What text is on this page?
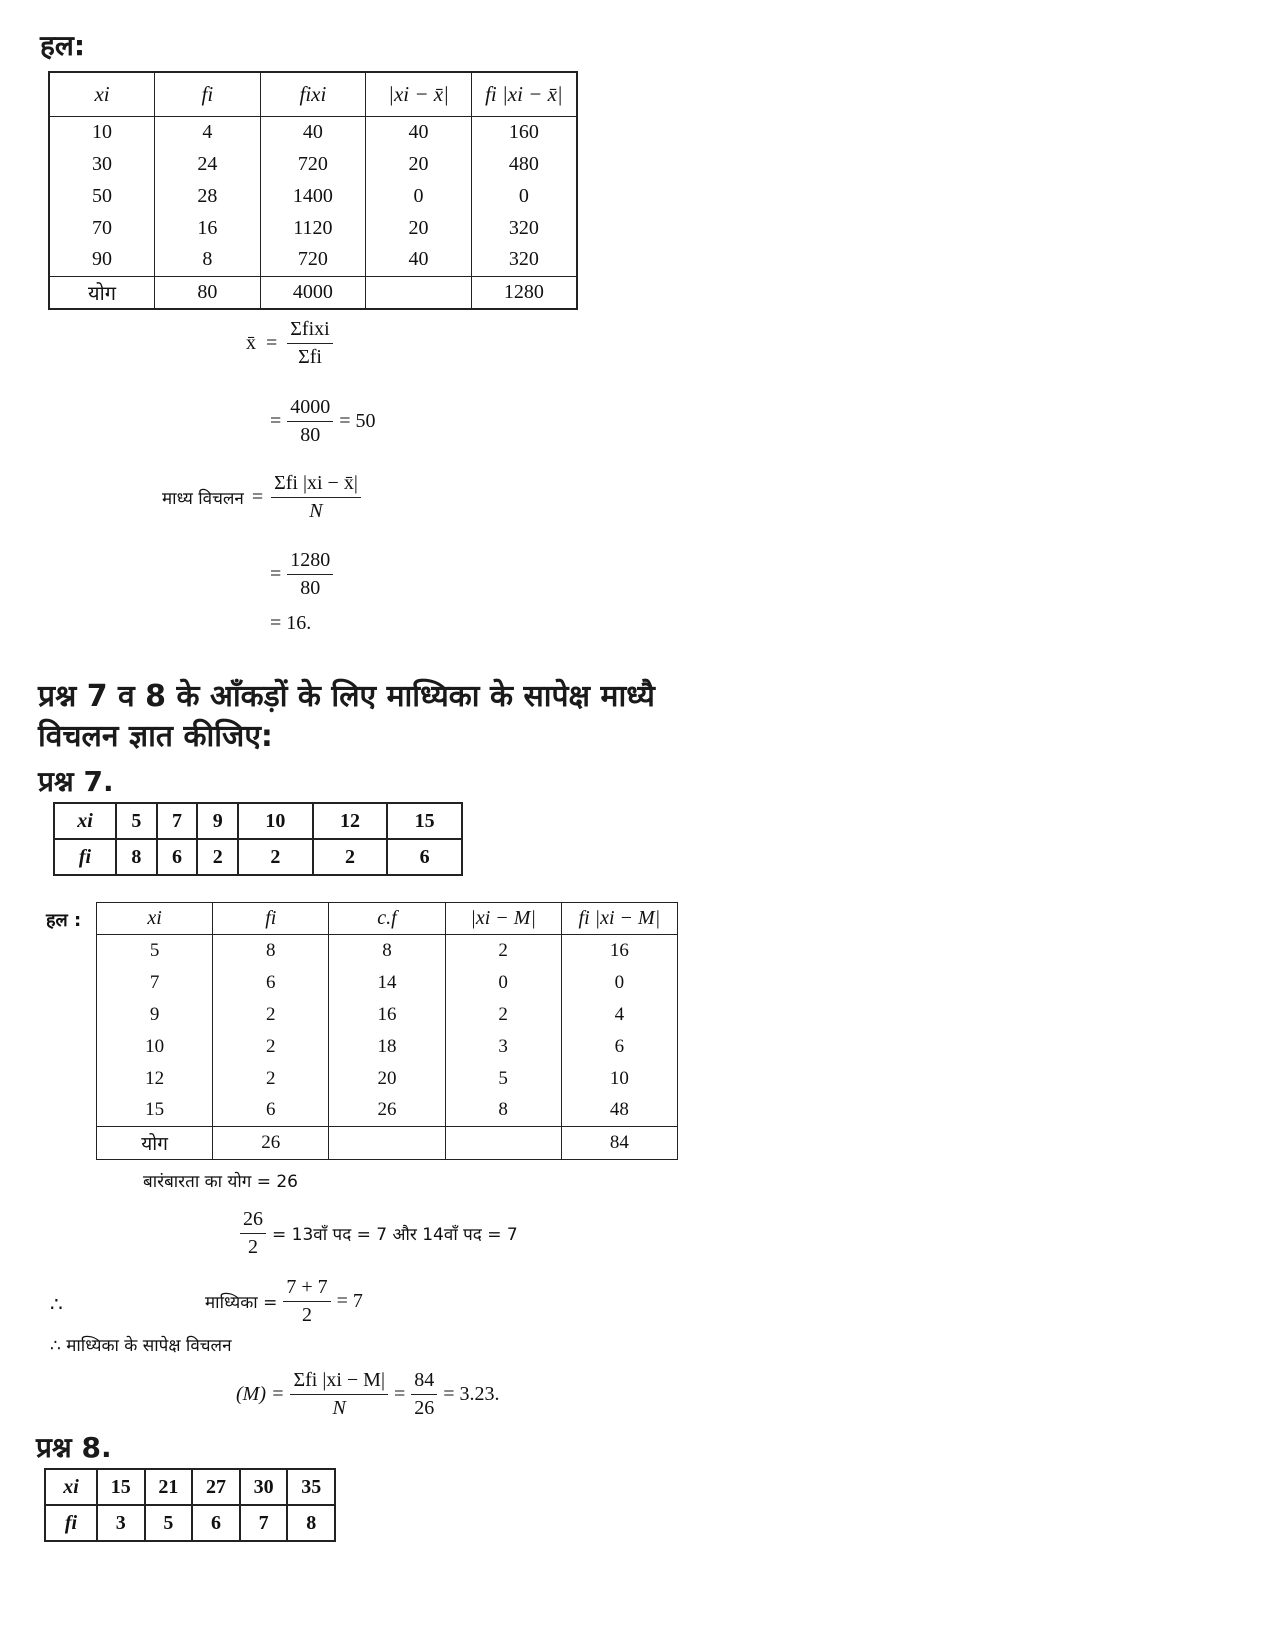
हल:
xi	fi	fixi	|xi − x̄|	fi |xi − x̄|
10	4	40	40	160
30	24	720	20	480
50	28	1400	0	0
70	16	1120	20	320
90	8	720	40	320
योग	80	4000		1280
x̄ = $\frac{\text{Σfixi}}{\text{Σfi}}$
= $\frac{4000}{80} = 50$
माध्य विचलन = $\frac{\text{Σfi |xi − x̄|}}{N}$
= $\frac{1280}{80}$
= 16.
प्रश्न 7 व 8 के आँकड़ों के लिए माध्यिका के सापेक्ष माध्यै
विचलन ज्ञात कीजिए:
प्रश्न 7.
xi	5	7	9	10	12	15
fi	8	6	2	2	2	6
हल :	xi	fi	c.f	|xi − M|	fi |xi − M|
5	8	8	2	16
7	6	14	0	0
9	2	16	2	4
10	2	18	3	6
12	2	20	5	10
15	6	26	8	48
योग	26			84
बारंबारता का योग = 26
$\frac{26}{2}$ = 13वाँ पद = 7 और 14वाँ पद = 7
∴	माध्यिका = $\frac{7 + 7}{2} = 7$
∴ माध्यिका के सापेक्ष विचलन
$(M) = \frac{\text{Σfi |xi − M|}}{N} = \frac{84}{26} = 3.23$.
प्रश्न 8.
xi	15	21	27	30	35
fi	3	5	6	7	8
